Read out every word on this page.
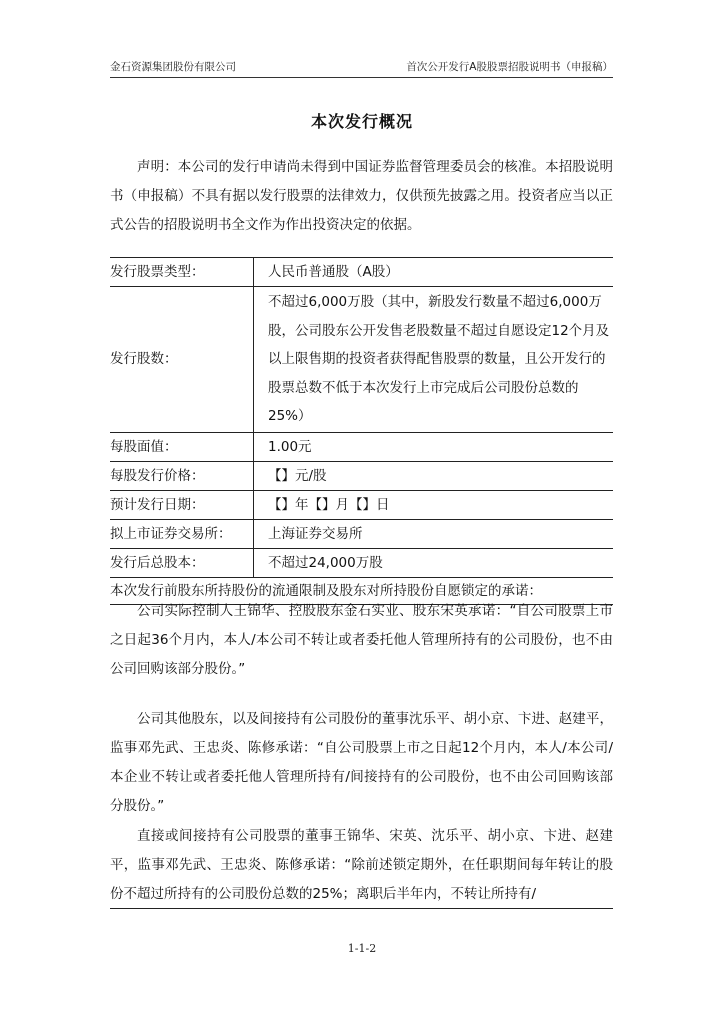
金石资源集团股份有限公司	首次公开发行A股股票招股说明书（申报稿）
本次发行概况

声明：本公司的发行申请尚未得到中国证券监督管理委员会的核准。本招股说明书（申报稿）不具有据以发行股票的法律效力，仅供预先披露之用。投资者应当以正式公告的招股说明书全文作为作出投资决定的依据。

发行股票类型：	人民币普通股（A股）
发行股数：	不超过6,000万股（其中，新股发行数量不超过6,000万股，公司股东公开发售老股数量不超过自愿设定12个月及以上限售期的投资者获得配售股票的数量，且公开发行的股票总数不低于本次发行上市完成后公司股份总数的25%）
每股面值：	1.00元
每股发行价格：	【】元/股
预计发行日期：	【】年【】月【】日
拟上市证券交易所：	上海证券交易所
发行后总股本：	不超过24,000万股
本次发行前股东所持股份的流通限制及股东对所持股份自愿锁定的承诺：	

公司实际控制人王锦华、控股股东金石实业、股东宋英承诺：“自公司股票上市之日起36个月内，本人/本公司不转让或者委托他人管理所持有的公司股份，也不由公司回购该部分股份。”

公司其他股东，以及间接持有公司股份的董事沈乐平、胡小京、卞进、赵建平，监事邓先武、王忠炎、陈修承诺：“自公司股票上市之日起12个月内，本人/本公司/本企业不转让或者委托他人管理所持有/间接持有的公司股份，也不由公司回购该部分股份。”

直接或间接持有公司股票的董事王锦华、宋英、沈乐平、胡小京、卞进、赵建平，监事邓先武、王忠炎、陈修承诺：“除前述锁定期外，在任职期间每年转让的股份不超过所持有的公司股份总数的25%；离职后半年内，不转让所持有/

1-1-2
